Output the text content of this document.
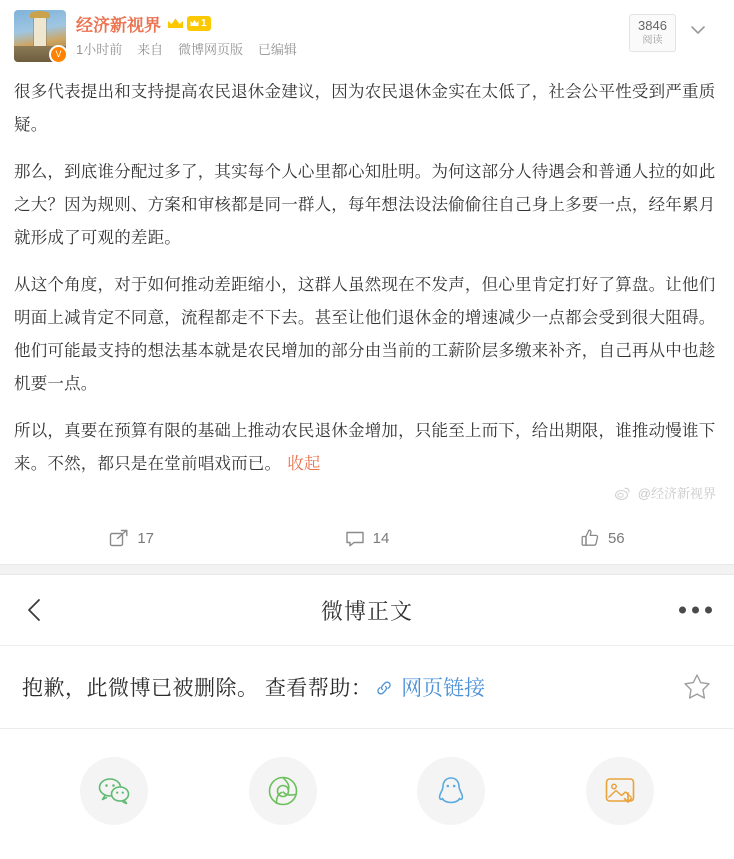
V
经济新视界	1
1小时前 来自 微博网页版 已编辑
3846
阅读

很多代表提出和支持提高农民退休金建议，因为农民退休金实在太低了，社会公平性受到严重质疑。

那么，到底谁分配过多了，其实每个人心里都心知肚明。为何这部分人待遇会和普通人拉的如此之大？因为规则、方案和审核都是同一群人，每年想法设法偷偷往自己身上多要一点，经年累月就形成了可观的差距。

从这个角度，对于如何推动差距缩小，这群人虽然现在不发声，但心里肯定打好了算盘。让他们明面上减肯定不同意，流程都走不下去。甚至让他们退休金的增速减少一点都会受到很大阻碍。他们可能最支持的想法基本就是农民增加的部分由当前的工薪阶层多缴来补齐，自己再从中也趁机要一点。

所以，真要在预算有限的基础上推动农民退休金增加，只能至上而下，给出期限，谁推动慢谁下来。不然，都只是在堂前唱戏而已。 收起

@经济新视界
17	14	56
微博正文
抱歉，此微博已被删除。 查看帮助：	网页链接
